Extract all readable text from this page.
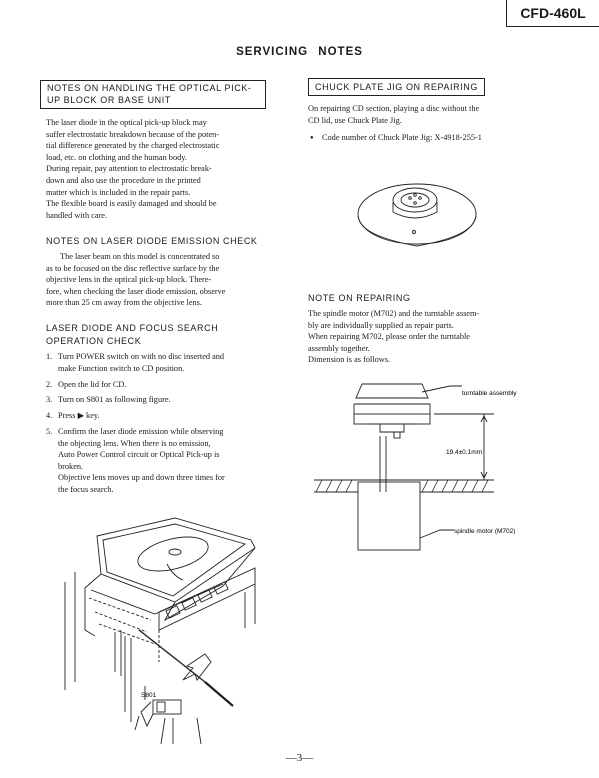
CFD-460L
SERVICING NOTES
NOTES ON HANDLING THE OPTICAL PICK-
UP BLOCK OR BASE UNIT
The laser diode in the optical pick-up block may
suffer electrostatic breakdown because of the poten-
tial difference generated by the charged electrostatic
load, etc. on clothing and the human body.
During repair, pay attention to electrostatic break-
down and also use the procedure in the printed
matter which is included in the repair parts.
The flexible board is easily damaged and should be
handled with care.
NOTES ON LASER DIODE EMISSION CHECK
The laser beam on this model is concentrated so
as to be focused on the disc reflective surface by the
objective lens in the optical pick-up block. There-
fore, when checking the laser diode emission, observe
more than 25 cm away from the objective lens.
LASER DIODE AND FOCUS SEARCH
OPERATION CHECK
1. Turn POWER switch on with no disc inserted and
make Function switch to CD position.
2. Open the lid for CD.
3. Turn on S801 as following figure.
4. Press ▶ key.
5. Confirm the laser diode emission while observing
the objecting lens. When there is no emission,
Auto Power Control circuit or Optical Pick-up is
broken.
Objective lens moves up and down three times for
the focus search.
S801
CHUCK PLATE JIG ON REPAIRING
On repairing CD section, playing a disc without the
CD lid, use Chuck Plate Jig.
● Code number of Chuck Plate Jig: X-4918-255-1
NOTE ON REPAIRING
The spindle motor (M702) and the turntable assem-
bly are individually supplied as repair parts.
When repairing M702, please order the turntable
assembly together.
Dimension is as follows.
turntable assembly
19.4±0.1mm
spindle motor (M702)
—3—
